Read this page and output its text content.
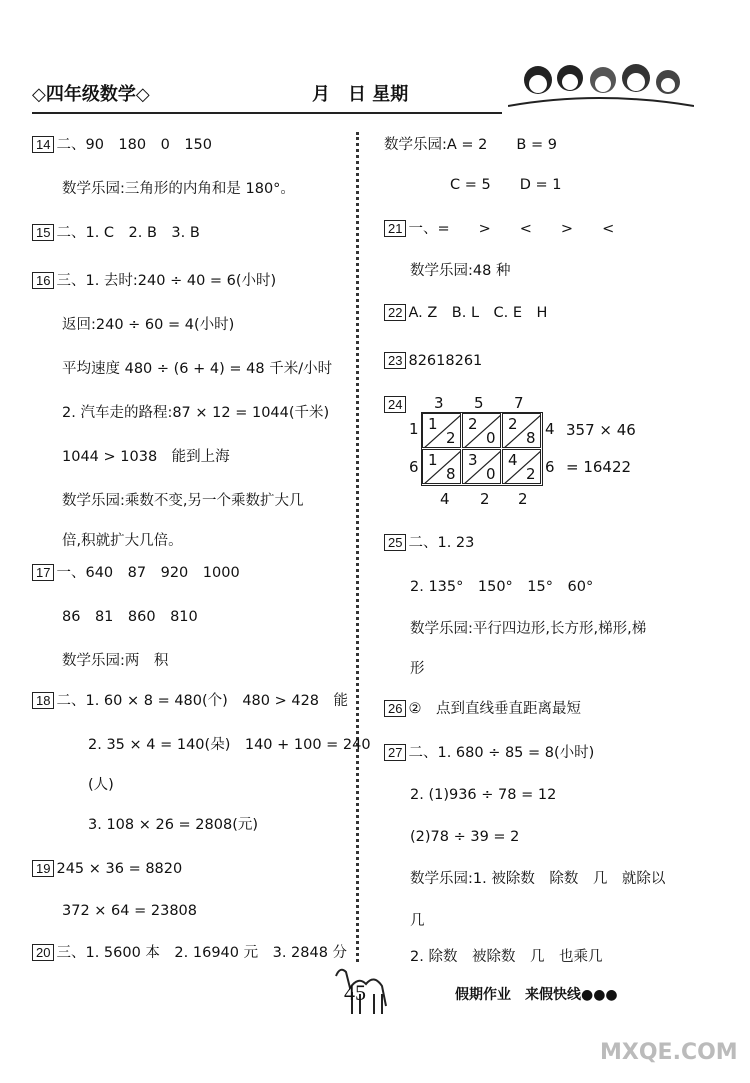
◇四年级数学◇	月　日 星期
14 二、90　180　0　150
数学乐园:三角形的内角和是 180°。
15 二、1. C　2. B　3. B
16 三、1. 去时:240 ÷ 40 = 6(小时)
返回:240 ÷ 60 = 4(小时)
平均速度 480 ÷ (6 + 4) = 48 千米/小时
2. 汽车走的路程:87 × 12 = 1044(千米)
1044 > 1038　能到上海
数学乐园:乘数不变,另一个乘数扩大几
倍,积就扩大几倍。
17 一、640　87　920　1000
86　81　860　810
数学乐园:两　积
18 二、1. 60 × 8 = 480(个)　480 > 428　能
2. 35 × 4 = 140(朵)　140 + 100 = 240
(人)
3. 108 × 26 = 2808(元)
19 245 × 36 = 8820
372 × 64 = 23808
20 三、1. 5600 本　2. 16940 元　3. 2848 分
数学乐园:A = 2　　B = 9
C = 5　　D = 1
21 一、=　　>　　<　　>　　<
数学乐园:48 种
22 A. Z　B. L　C. E　H
23 82618261
24
25 二、1. 23
2. 135°　150°　15°　60°
数学乐园:平行四边形,长方形,梯形,梯
形
26 ②　点到直线垂直距离最短
27 二、1. 680 ÷ 85 = 8(小时)
2. (1)936 ÷ 78 = 12
(2)78 ÷ 39 = 2
数学乐园:1. 被除数　除数　几　就除以
几
2. 除数　被除数　几　也乘几
1
2
2
0
2
8
1
8
3
0
4
2
3 5 7
1
6
4
6
4 2 2
357 × 46
= 16422
45	假期作业　来假快线●●●
MXQE.COM
